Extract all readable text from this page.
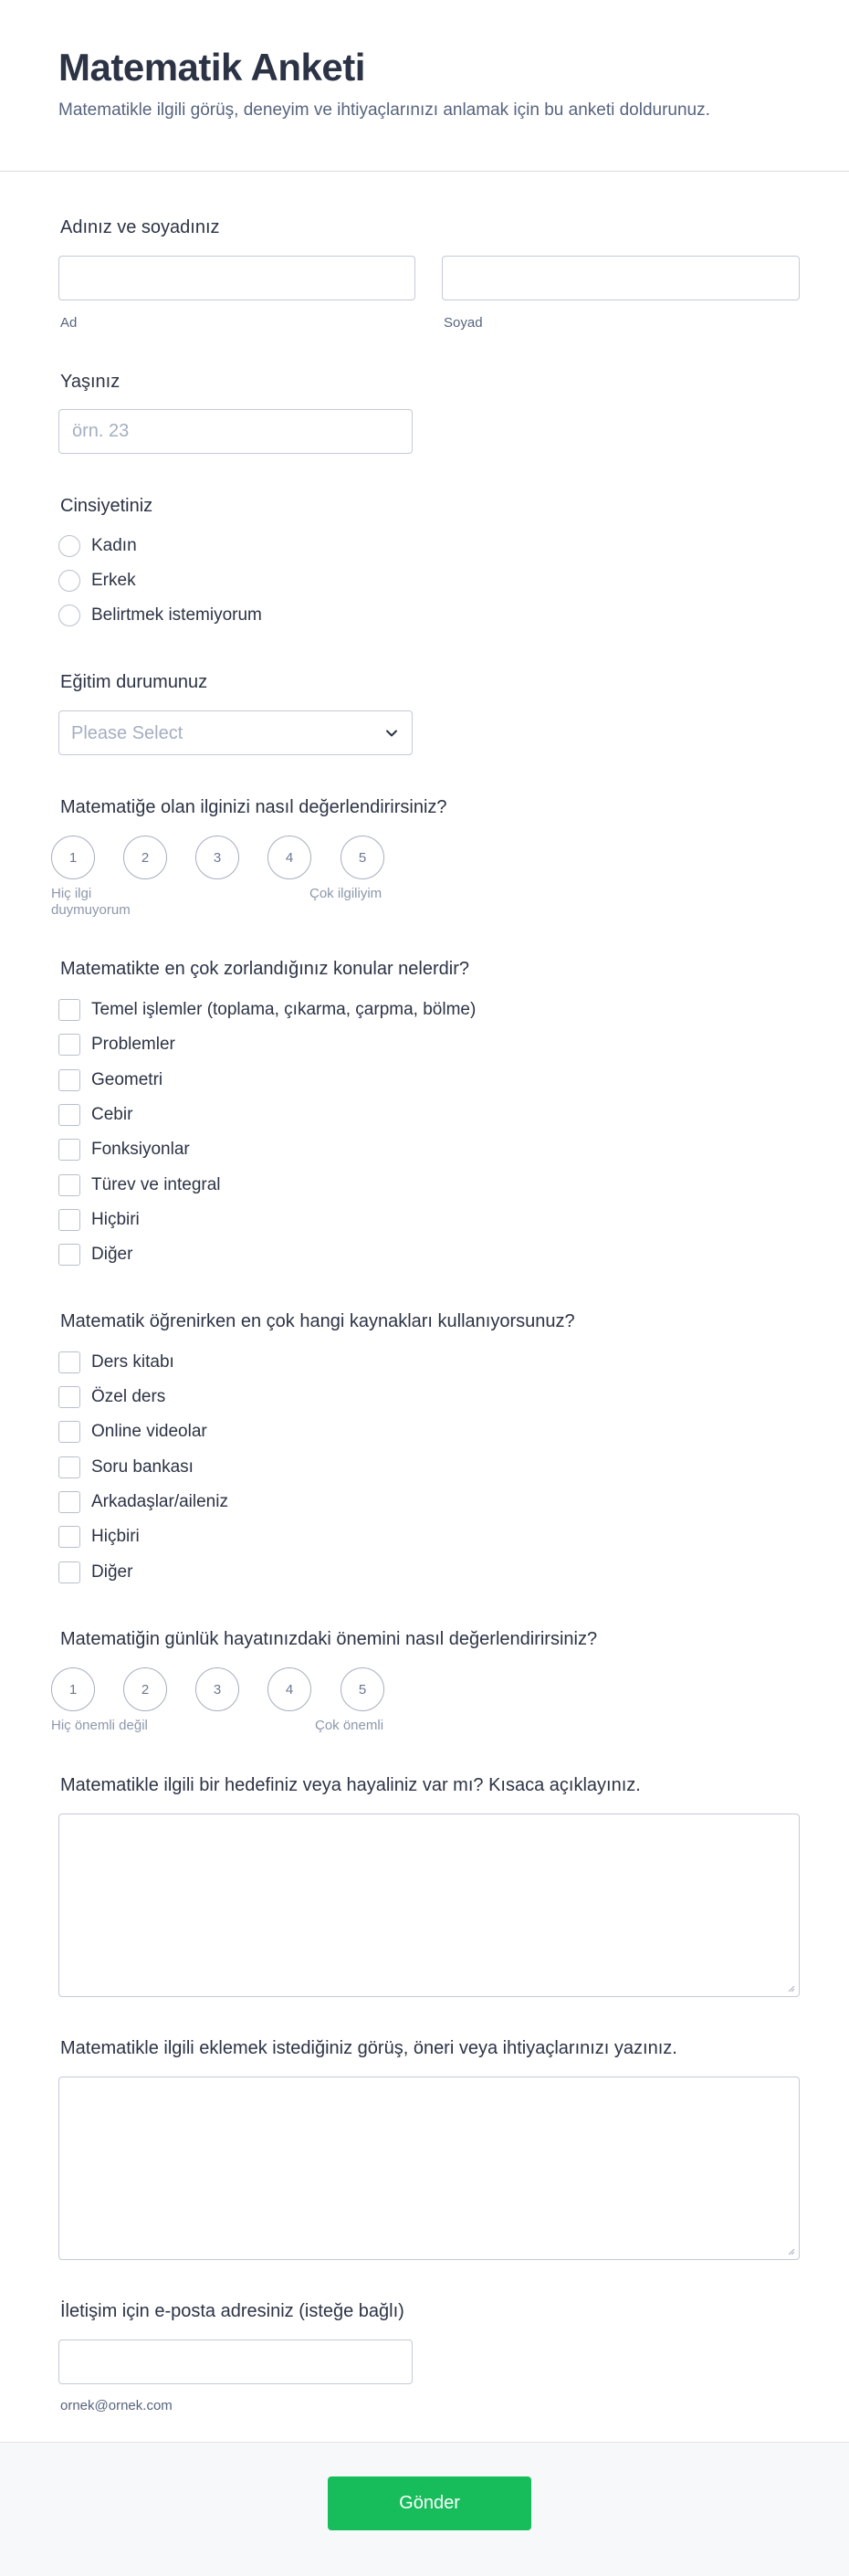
Matematik Anketi
Matematikle ilgili görüş, deneyim ve ihtiyaçlarınızı anlamak için bu anketi doldurunuz.
Adınız ve soyadınız
Ad	Soyad
Yaşınız
örn. 23
Cinsiyetiniz
Kadın
Erkek
Belirtmek istemiyorum
Eğitim durumunuz
Please Select
Matematiğe olan ilginizi nasıl değerlendirirsiniz?
1	2	3	4	5
Hiç ilgi
duymuyorum
Çok ilgiliyim
Matematikte en çok zorlandığınız konular nelerdir?
Temel işlemler (toplama, çıkarma, çarpma, bölme)
Problemler
Geometri
Cebir
Fonksiyonlar
Türev ve integral
Hiçbiri
Diğer
Matematik öğrenirken en çok hangi kaynakları kullanıyorsunuz?
Ders kitabı
Özel ders
Online videolar
Soru bankası
Arkadaşlar/aileniz
Hiçbiri
Diğer
Matematiğin günlük hayatınızdaki önemini nasıl değerlendirirsiniz?
1	2	3	4	5
Hiç önemli değil	Çok önemli
Matematikle ilgili bir hedefiniz veya hayaliniz var mı? Kısaca açıklayınız.
Matematikle ilgili eklemek istediğiniz görüş, öneri veya ihtiyaçlarınızı yazınız.
İletişim için e-posta adresiniz (isteğe bağlı)
ornek@ornek.com
Gönder
